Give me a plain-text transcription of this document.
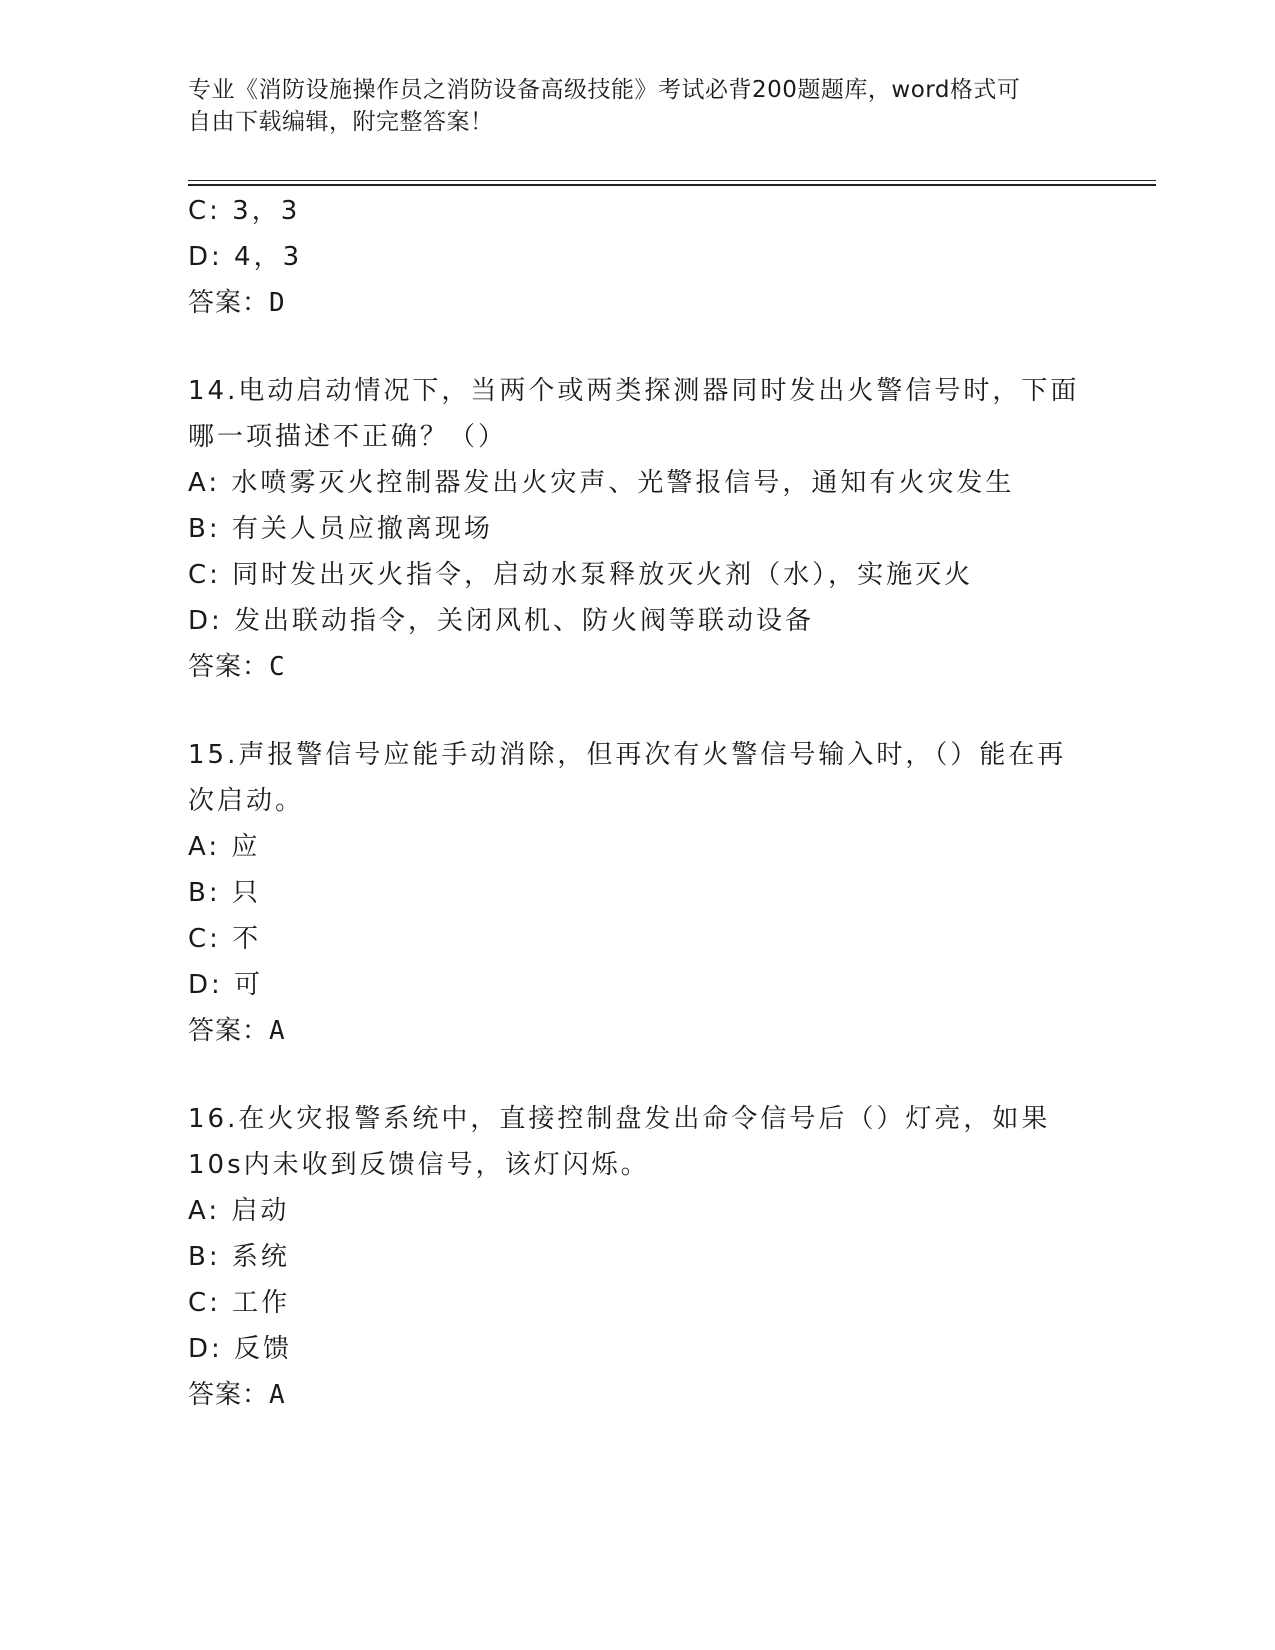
专业《消防设施操作员之消防设备高级技能》考试必背200题题库，word格式可
自由下载编辑，附完整答案！
C: 3，3
D: 4，3
答案：D
14.电动启动情况下，当两个或两类探测器同时发出火警信号时，下面
哪一项描述不正确？（）
A: 水喷雾灭火控制器发出火灾声、光警报信号，通知有火灾发生
B: 有关人员应撤离现场
C: 同时发出灭火指令，启动水泵释放灭火剂（水），实施灭火
D: 发出联动指令，关闭风机、防火阀等联动设备
答案：C
15.声报警信号应能手动消除，但再次有火警信号输入时，（）能在再
次启动。
A: 应
B: 只
C: 不
D: 可
答案：A
16.在火灾报警系统中，直接控制盘发出命令信号后（）灯亮，如果
10s内未收到反馈信号，该灯闪烁。
A: 启动
B: 系统
C: 工作
D: 反馈
答案：A
